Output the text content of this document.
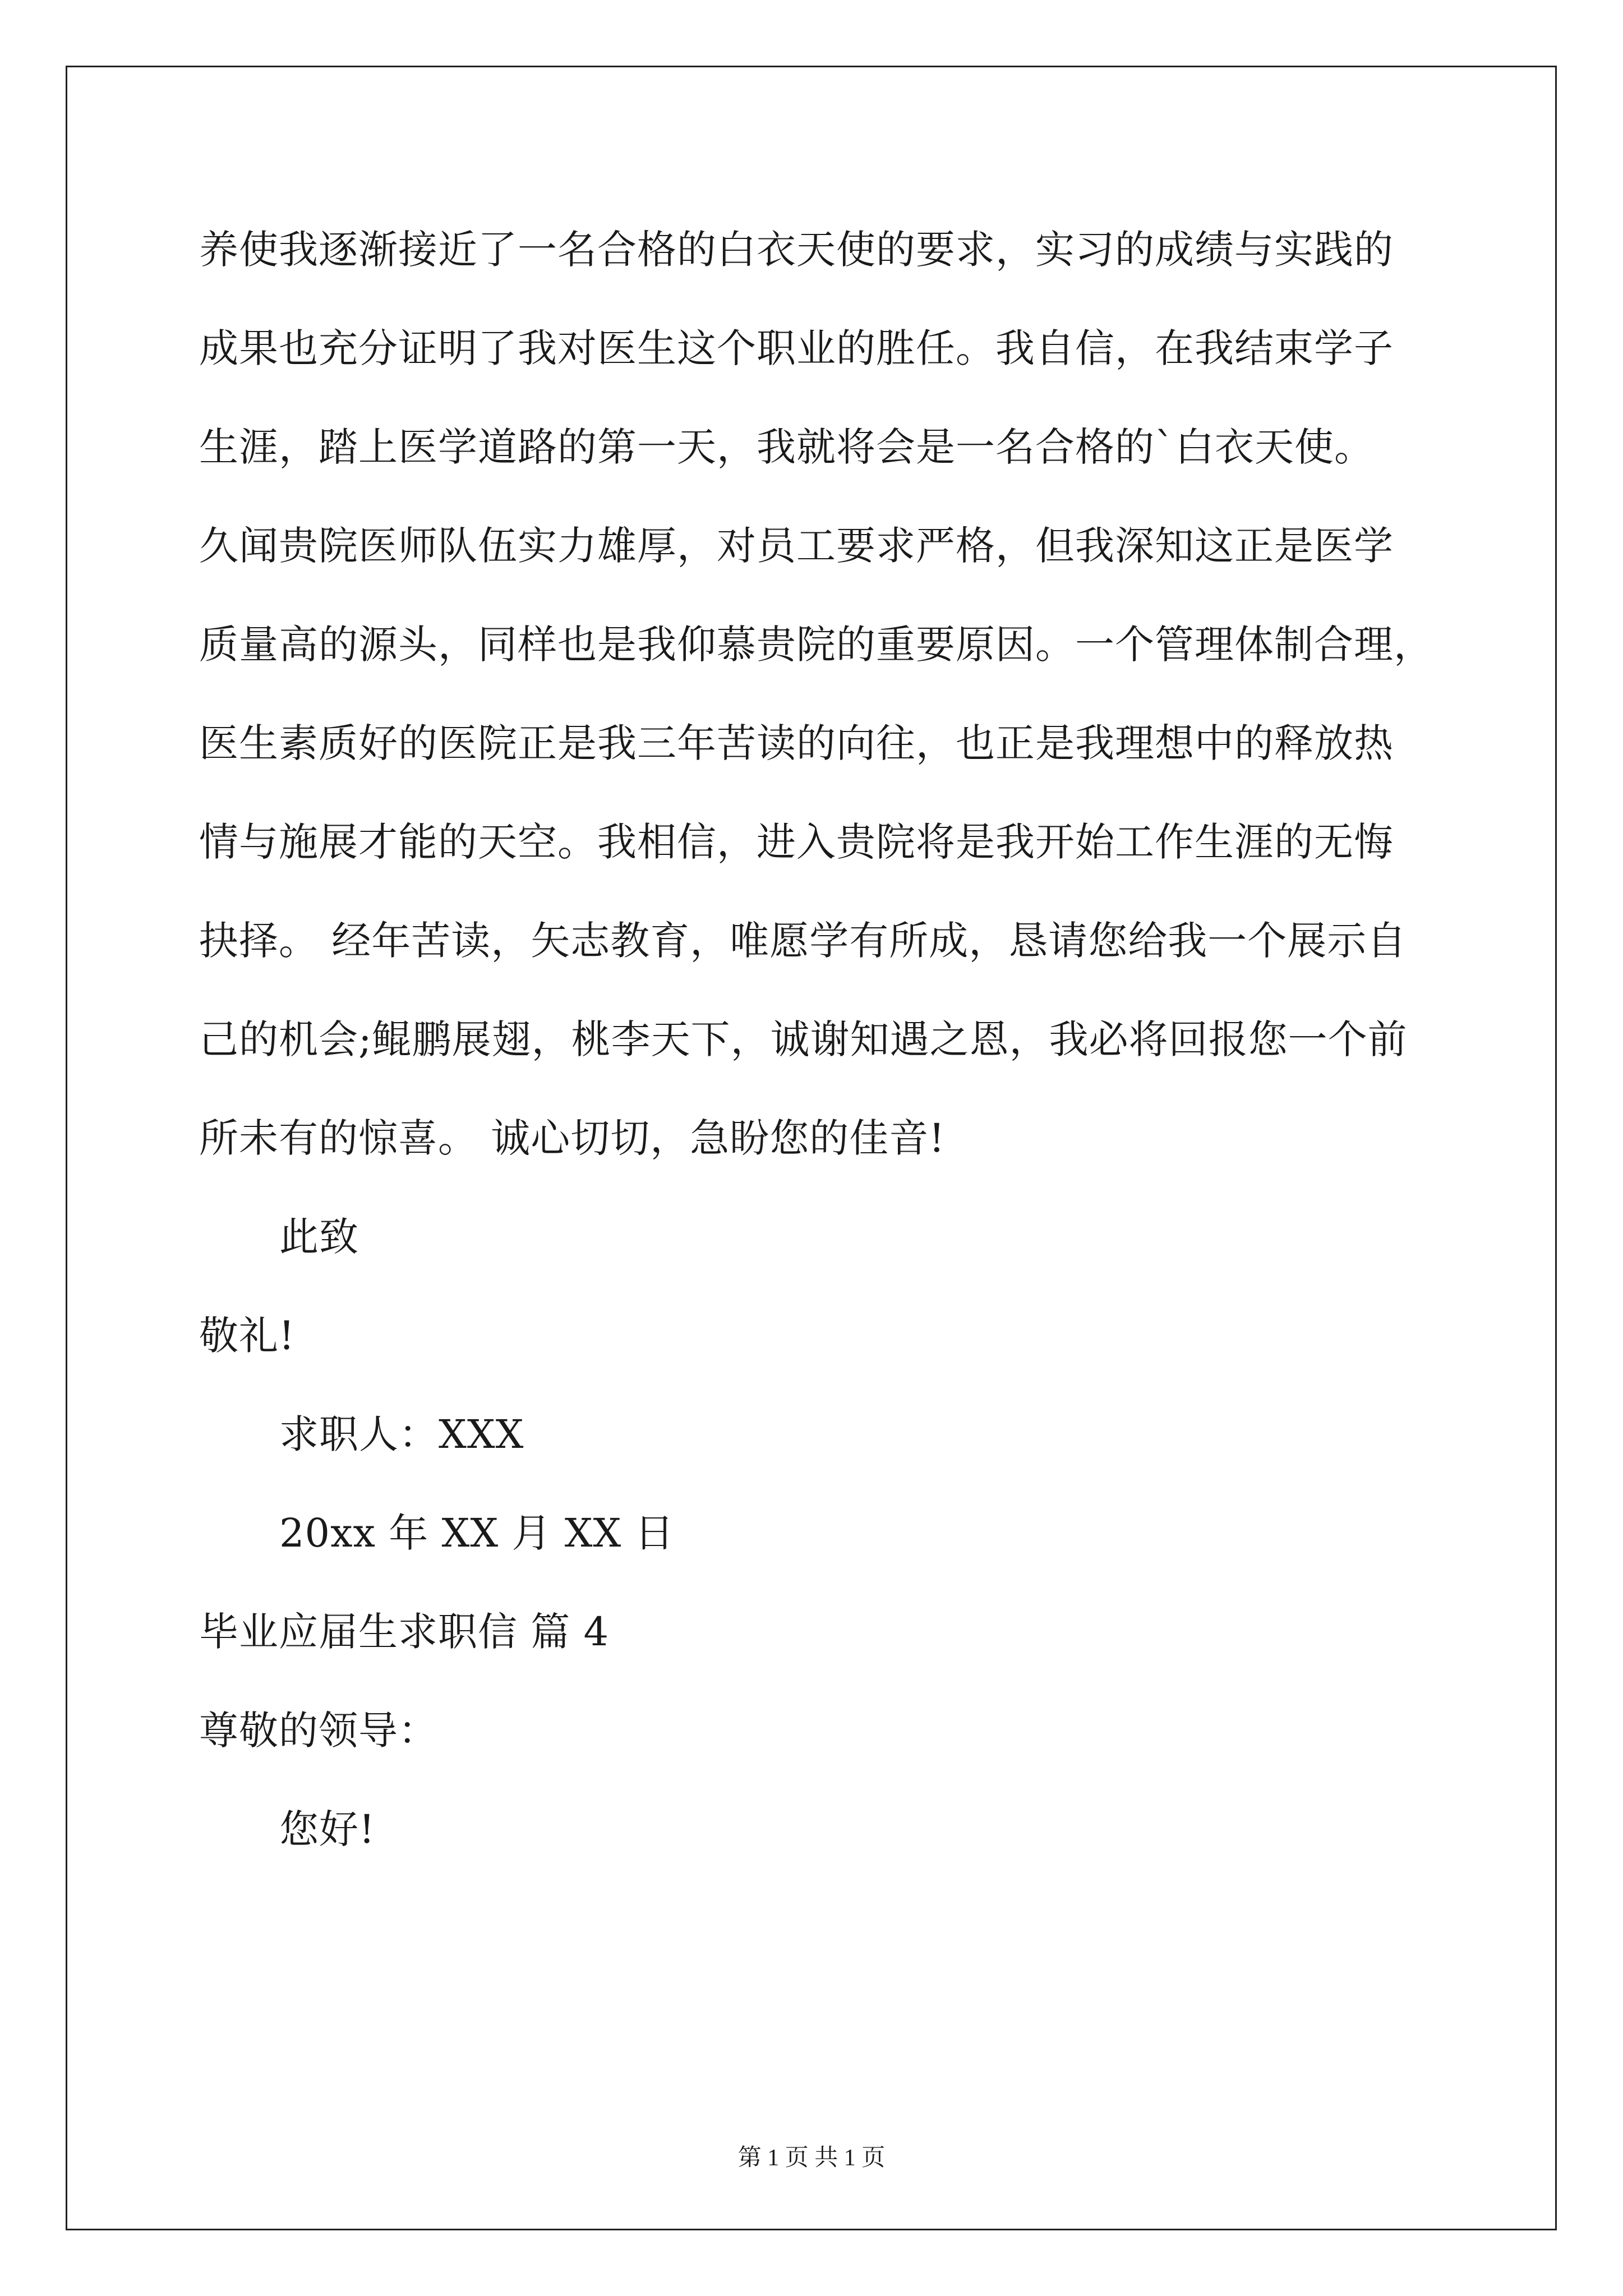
养使我逐渐接近了一名合格的白衣天使的要求，实习的成绩与实践的
成果也充分证明了我对医生这个职业的胜任。我自信，在我结束学子
生涯，踏上医学道路的第一天，我就将会是一名合格的`白衣天使。
久闻贵院医师队伍实力雄厚，对员工要求严格，但我深知这正是医学
质量高的源头，同样也是我仰慕贵院的重要原因。一个管理体制合理，
医生素质好的医院正是我三年苦读的向往，也正是我理想中的释放热
情与施展才能的天空。我相信，进入贵院将是我开始工作生涯的无悔
抉择。 经年苦读，矢志教育，唯愿学有所成，恳请您给我一个展示自
己的机会;鲲鹏展翅，桃李天下，诚谢知遇之恩，我必将回报您一个前
所未有的惊喜。 诚心切切，急盼您的佳音!
此致
敬礼!
求职人：XXX
20xx 年 XX 月 XX 日
毕业应届生求职信 篇 4
尊敬的领导：
您好!
第 1 页 共 1 页
